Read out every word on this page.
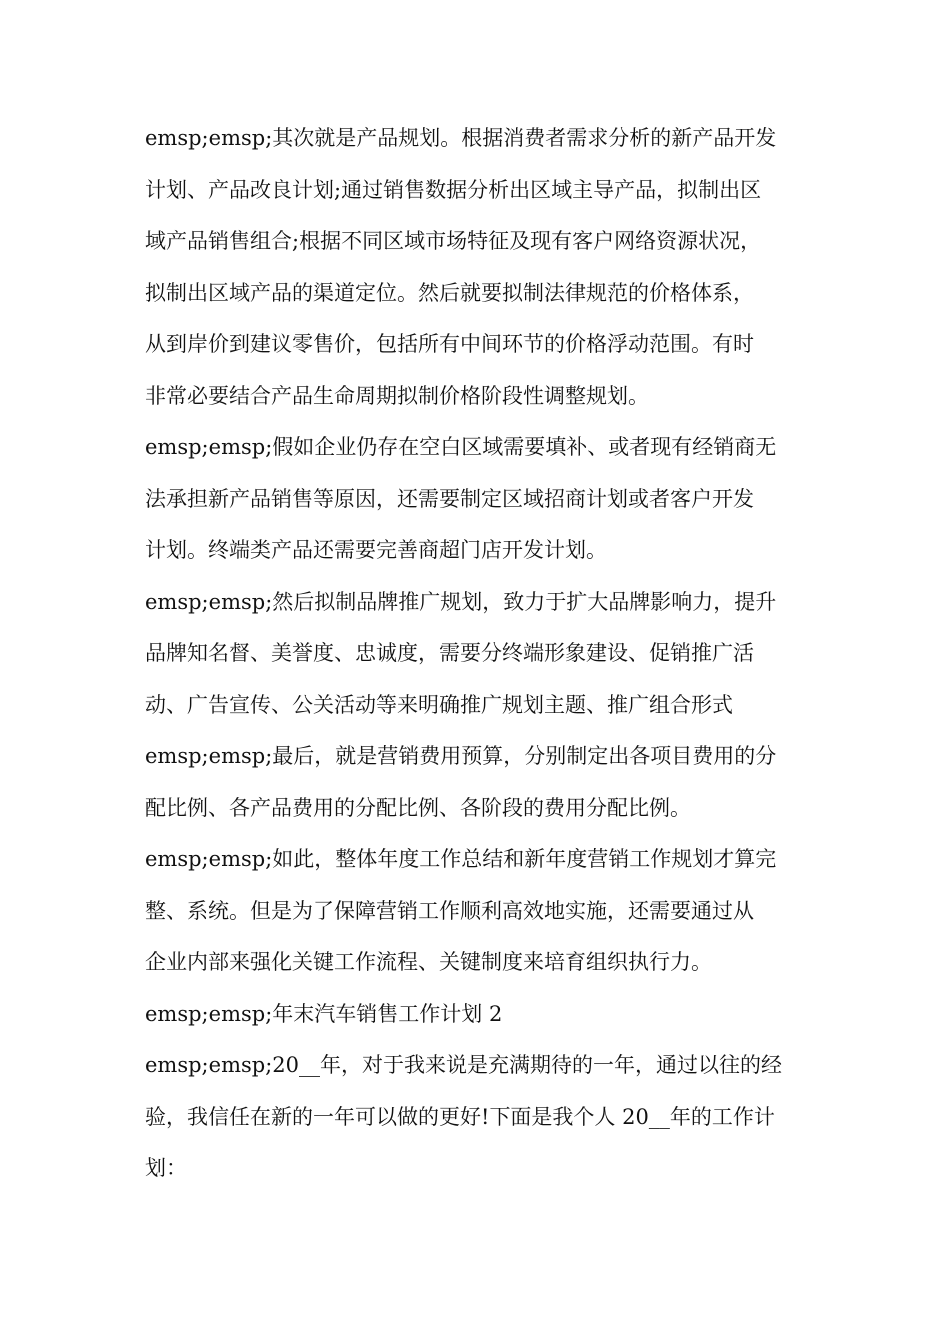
emsp;emsp;其次就是产品规划。根据消费者需求分析的新产品开发
计划、产品改良计划;通过销售数据分析出区域主导产品，拟制出区
域产品销售组合;根据不同区域市场特征及现有客户网络资源状况，
拟制出区域产品的渠道定位。然后就要拟制法律规范的价格体系，
从到岸价到建议零售价，包括所有中间环节的价格浮动范围。有时
非常必要结合产品生命周期拟制价格阶段性调整规划。
emsp;emsp;假如企业仍存在空白区域需要填补、或者现有经销商无
法承担新产品销售等原因，还需要制定区域招商计划或者客户开发
计划。终端类产品还需要完善商超门店开发计划。
emsp;emsp;然后拟制品牌推广规划，致力于扩大品牌影响力，提升
品牌知名督、美誉度、忠诚度，需要分终端形象建设、促销推广活
动、广告宣传、公关活动等来明确推广规划主题、推广组合形式
emsp;emsp;最后，就是营销费用预算，分别制定出各项目费用的分
配比例、各产品费用的分配比例、各阶段的费用分配比例。
emsp;emsp;如此，整体年度工作总结和新年度营销工作规划才算完
整、系统。但是为了保障营销工作顺利高效地实施，还需要通过从
企业内部来强化关键工作流程、关键制度来培育组织执行力。
emsp;emsp;年末汽车销售工作计划 2
emsp;emsp;20__年，对于我来说是充满期待的一年，通过以往的经
验，我信任在新的一年可以做的更好!下面是我个人 20__年的工作计
划：
